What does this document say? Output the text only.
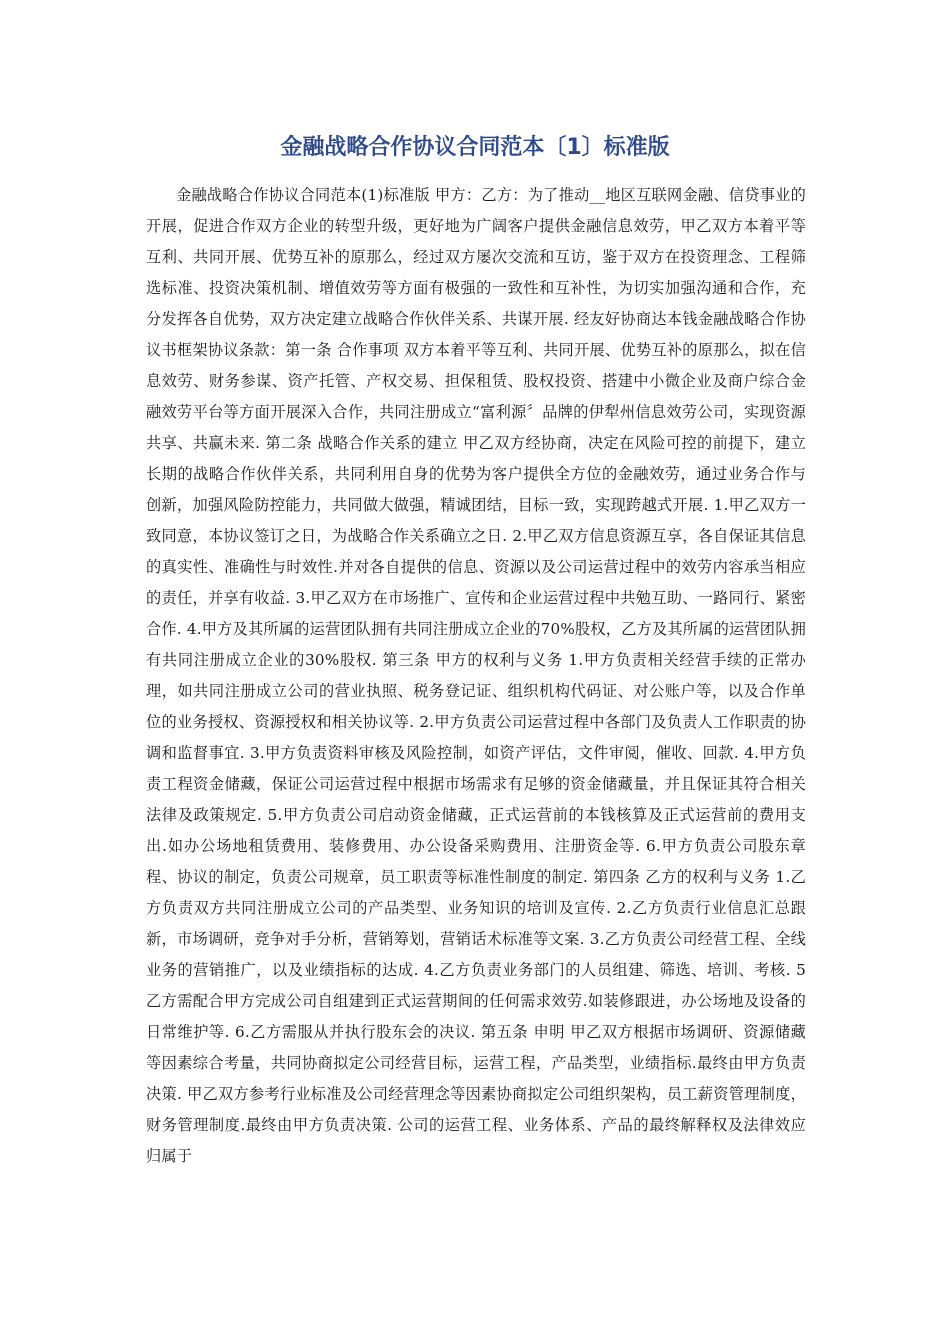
金融战略合作协议合同范本〔1〕标准版

金融战略合作协议合同范本(1)标准版 甲方：乙方：为了推动__地区互联网金融、信贷事业的开展，促进合作双方企业的转型升级，更好地为广阔客户提供金融信息效劳，甲乙双方本着平等互利、共同开展、优势互补的原那么，经过双方屡次交流和互访，鉴于双方在投资理念、工程筛选标准、投资决策机制、增值效劳等方面有极强的一致性和互补性，为切实加强沟通和合作，充分发挥各自优势，双方决定建立战略合作伙伴关系、共谋开展. 经友好协商达本钱金融战略合作协议书框架协议条款：第一条 合作事项 双方本着平等互利、共同开展、优势互补的原那么，拟在信息效劳、财务参谋、资产托管、产权交易、担保租赁、股权投资、搭建中小微企业及商户综合金融效劳平台等方面开展深入合作，共同注册成立“富利源〞品牌的伊犁州信息效劳公司，实现资源共享、共赢未来. 第二条 战略合作关系的建立 甲乙双方经协商，决定在风险可控的前提下，建立长期的战略合作伙伴关系，共同利用自身的优势为客户提供全方位的金融效劳，通过业务合作与创新，加强风险防控能力，共同做大做强，精诚团结，目标一致，实现跨越式开展. 1.甲乙双方一致同意，本协议签订之日，为战略合作关系确立之日. 2.甲乙双方信息资源互享，各自保证其信息的真实性、准确性与时效性.并对各自提供的信息、资源以及公司运营过程中的效劳内容承当相应的责任，并享有收益. 3.甲乙双方在市场推广、宣传和企业运营过程中共勉互助、一路同行、紧密合作. 4.甲方及其所属的运营团队拥有共同注册成立企业的70%股权，乙方及其所属的运营团队拥有共同注册成立企业的30%股权. 第三条 甲方的权利与义务 1.甲方负责相关经营手续的正常办理，如共同注册成立公司的营业执照、税务登记证、组织机构代码证、对公账户等，以及合作单位的业务授权、资源授权和相关协议等. 2.甲方负责公司运营过程中各部门及负责人工作职责的协调和监督事宜. 3.甲方负责资料审核及风险控制，如资产评估，文件审阅，催收、回款. 4.甲方负责工程资金储藏，保证公司运营过程中根据市场需求有足够的资金储藏量，并且保证其符合相关法律及政策规定. 5.甲方负责公司启动资金储藏，正式运营前的本钱核算及正式运营前的费用支出.如办公场地租赁费用、装修费用、办公设备采购费用、注册资金等. 6.甲方负责公司股东章程、协议的制定，负责公司规章，员工职责等标准性制度的制定. 第四条 乙方的权利与义务 1.乙方负责双方共同注册成立公司的产品类型、业务知识的培训及宣传. 2.乙方负责行业信息汇总跟新，市场调研，竞争对手分析，营销筹划，营销话术标准等文案. 3.乙方负责公司经营工程、全线业务的营销推广，以及业绩指标的达成. 4.乙方负责业务部门的人员组建、筛选、培训、考核. 5乙方需配合甲方完成公司自组建到正式运营期间的任何需求效劳.如装修跟进，办公场地及设备的日常维护等. 6.乙方需服从并执行股东会的决议. 第五条 申明 甲乙双方根据市场调研、资源储藏等因素综合考量，共同协商拟定公司经营目标，运营工程，产品类型，业绩指标.最终由甲方负责决策. 甲乙双方参考行业标准及公司经营理念等因素协商拟定公司组织架构，员工薪资管理制度，财务管理制度.最终由甲方负责决策. 公司的运营工程、业务体系、产品的最终解释权及法律效应归属于
